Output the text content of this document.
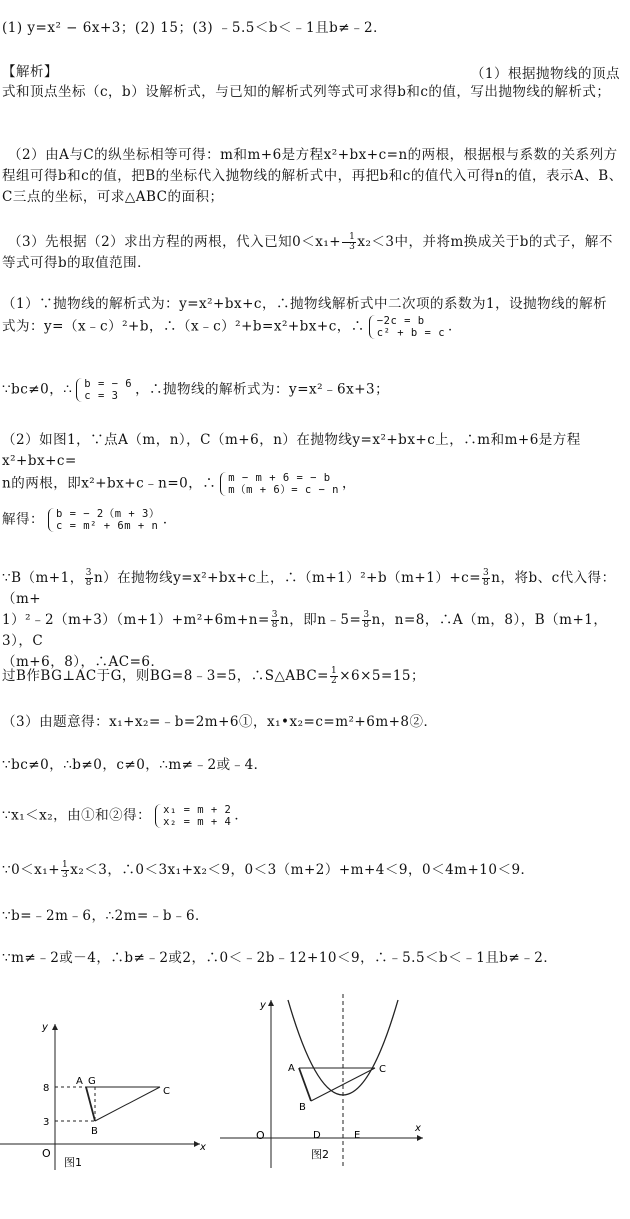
(1) y=x² − 6x+3；(2) 15；(3) ﹣5.5＜b＜﹣1且b≠﹣2．
【解析】	（1）根据抛物线的顶点
式和顶点坐标（c，b）设解析式，与已知的解析式列等式可求得b和c的值，写出抛物线的解析式；
（2）由A与C的纵坐标相等可得：m和m+6是方程x²+bx+c=n的两根，根据根与系数的关系列方程组可得b和c的值，把B的坐标代入抛物线的解析式中，再把b和c的值代入可得n的值，表示A、B、C三点的坐标，可求△ABC的面积；
（3）先根据（2）求出方程的两根，代入已知$0<x_1+ \frac{1}{3} x_2<3$中，并将m换成关于b的式子，解不等式可得b的取值范围．
（1）∵抛物线的解析式为：y=x²+bx+c，∴抛物线解析式中二次项的系数为1，设抛物线的解析
式为：y=（x﹣c）²+b，∴（x﹣c）²+b=x²+bx+c，∴ −2c = b
c² + b = c ．
∵bc≠0，∴ b = − 6
c = 3	，∴抛物线的解析式为：y=x²﹣6x+3；
（2）如图1，∵点A（m，n），C（m+6，n）在抛物线y=x²+bx+c上，∴m和m+6是方程x²+bx+c=
n的两根，即x²+bx+c﹣n=0，∴ m − m + 6 = − b
m（m + 6）= c − n ，
解得： b = − 2（m + 3）
c = m² + 6m + n ．
∵B（m+1， $\frac{3}{8} n$）在抛物线y=x²+bx+c上，∴（m+1）²+b（m+1）+c= $\frac{3}{8}$ n，将b、c代入得：（m+
1）²﹣2（m+3）（m+1）+m²+6m+n= $\frac{3}{8}$ n，即n﹣5= $\frac{3}{8}$ n，n=8，∴A（m，8），B（m+1，3），C
（m+6，8），∴AC=6．
过B作BG⊥AC于G，则BG=8﹣3=5，∴S△ABC= $\frac{1}{2} \times 6\times 5=15$；
（3）由题意得：x₁+x₂=﹣b=2m+6①，x₁•x₂=c=m²+6m+8②．
∵bc≠0，∴b≠0，c≠0，∴m≠﹣2或﹣4．
∵x₁＜x₂，由①和②得： x₁ = m + 2
x₂ = m + 4 ．
∵0＜x₁+ $\frac{1}{3} x_2<3$，∴0＜3x₁+x₂＜9，0＜3（m+2）+m+4＜9，0＜4m+10＜9．
∵b=﹣2m﹣6，∴2m=﹣b﹣6．
∵m≠﹣2或－4，∴b≠﹣2或2，∴0＜﹣2b﹣12+10＜9，∴﹣5.5＜b＜﹣1且b≠﹣2．
y
x
O
8
3
A G
B
C
图1
y
x
O
A
B
C
D	E
图2
